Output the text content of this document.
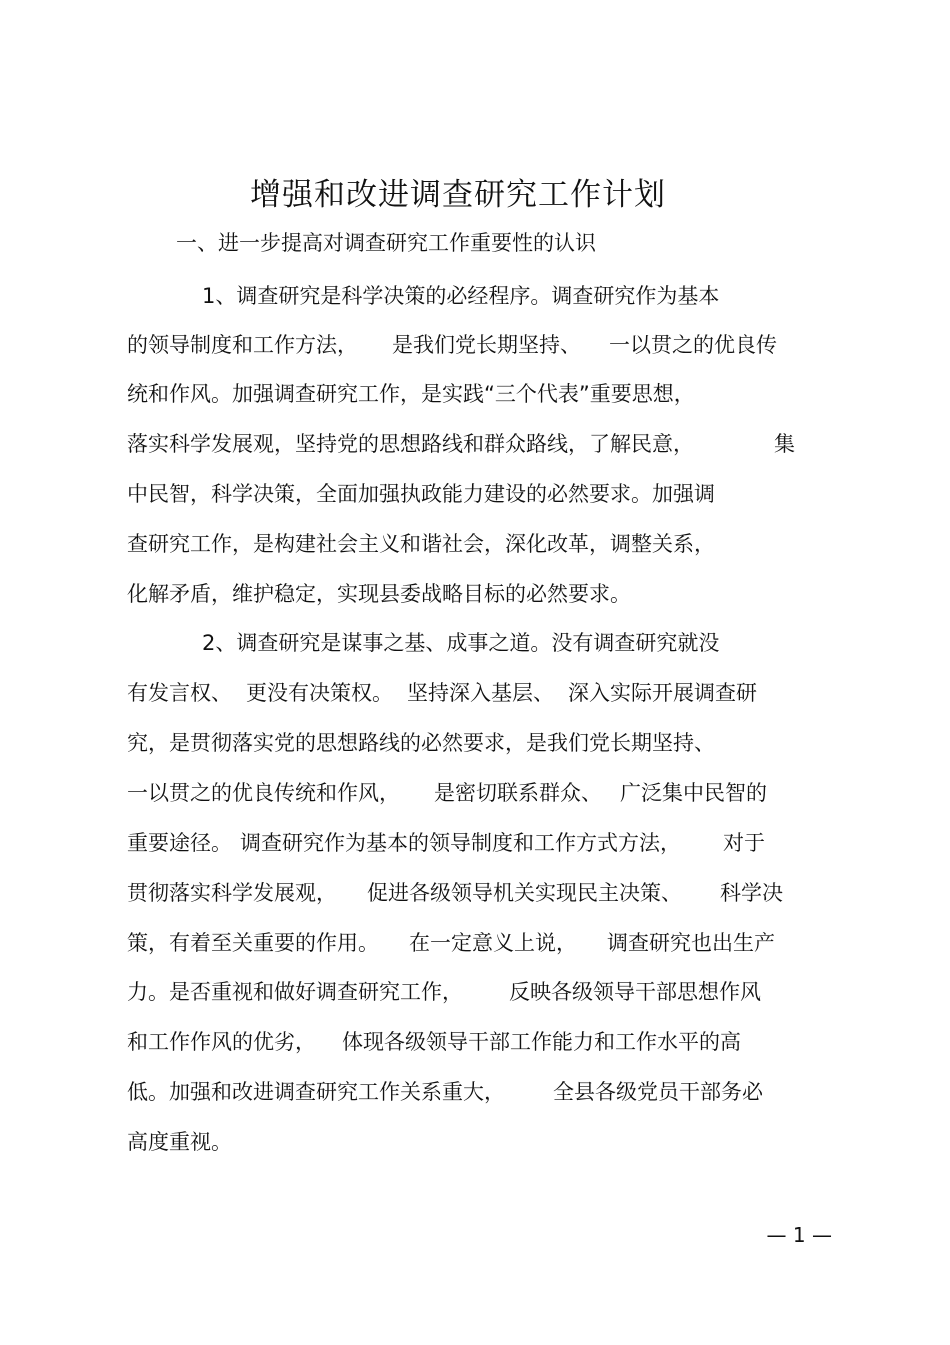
增强和改进调查研究工作计划
一、进一步提高对调查研究工作重要性的认识
1、调查研究是科学决策的必经程序。调查研究作为基本
的领导制度和工作方法， 是我们党长期坚持、 一以贯之的优良传
统和作风。加强调查研究工作，是实践“三个代表”重要思想，
落实科学发展观，坚持党的思想路线和群众路线，了解民意，	集
中民智，科学决策，全面加强执政能力建设的必然要求。加强调
查研究工作，是构建社会主义和谐社会，深化改革，调整关系，
化解矛盾，维护稳定，实现县委战略目标的必然要求。
2、调查研究是谋事之基、成事之道。没有调查研究就没
有发言权、 更没有决策权。 坚持深入基层、 深入实际开展调查研
究，是贯彻落实党的思想路线的必然要求，是我们党长期坚持、
一以贯之的优良传统和作风， 是密切联系群众、 广泛集中民智的
重要途径。 调查研究作为基本的领导制度和工作方式方法， 对于
贯彻落实科学发展观， 促进各级领导机关实现民主决策、 科学决
策，有着至关重要的作用。 在一定意义上说， 调查研究也出生产
力。是否重视和做好调查研究工作， 反映各级领导干部思想作风
和工作作风的优劣， 体现各级领导干部工作能力和工作水平的高
低。加强和改进调查研究工作关系重大， 全县各级党员干部务必
高度重视。
— 1 —
